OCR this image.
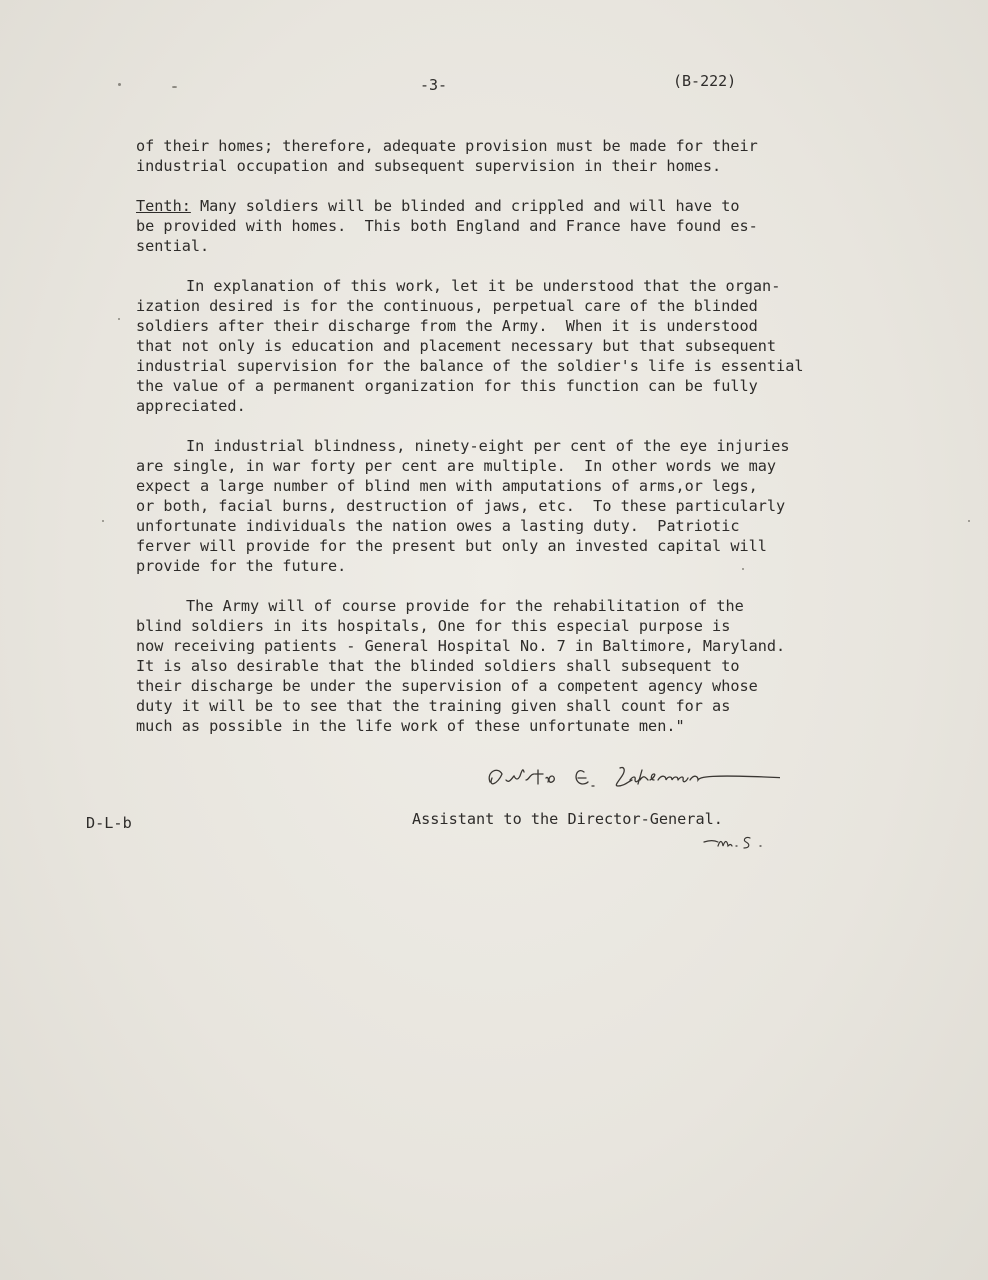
-3-	(B-222)
of their homes; therefore, adequate provision must be made for their
industrial occupation and subsequent supervision in their homes.
Tenth: Many soldiers will be blinded and crippled and will have to
be provided with homes.  This both England and France have found es-
sential.
In explanation of this work, let it be understood that the organ-
ization desired is for the continuous, perpetual care of the blinded
soldiers after their discharge from the Army.  When it is understood
that not only is education and placement necessary but that subsequent
industrial supervision for the balance of the soldier's life is essential
the value of a permanent organization for this function can be fully
appreciated.
In industrial blindness, ninety-eight per cent of the eye injuries
are single, in war forty per cent are multiple.  In other words we may
expect a large number of blind men with amputations of arms,or legs,
or both, facial burns, destruction of jaws, etc.  To these particularly
unfortunate individuals the nation owes a lasting duty.  Patriotic
ferver will provide for the present but only an invested capital will
provide for the future.
The Army will of course provide for the rehabilitation of the
blind soldiers in its hospitals, One for this especial purpose is
now receiving patients - General Hospital No. 7 in Baltimore, Maryland.
It is also desirable that the blinded soldiers shall subsequent to
their discharge be under the supervision of a competent agency whose
duty it will be to see that the training given shall count for as
much as possible in the life work of these unfortunate men."
Assistant to the Director-General.
D-L-b
